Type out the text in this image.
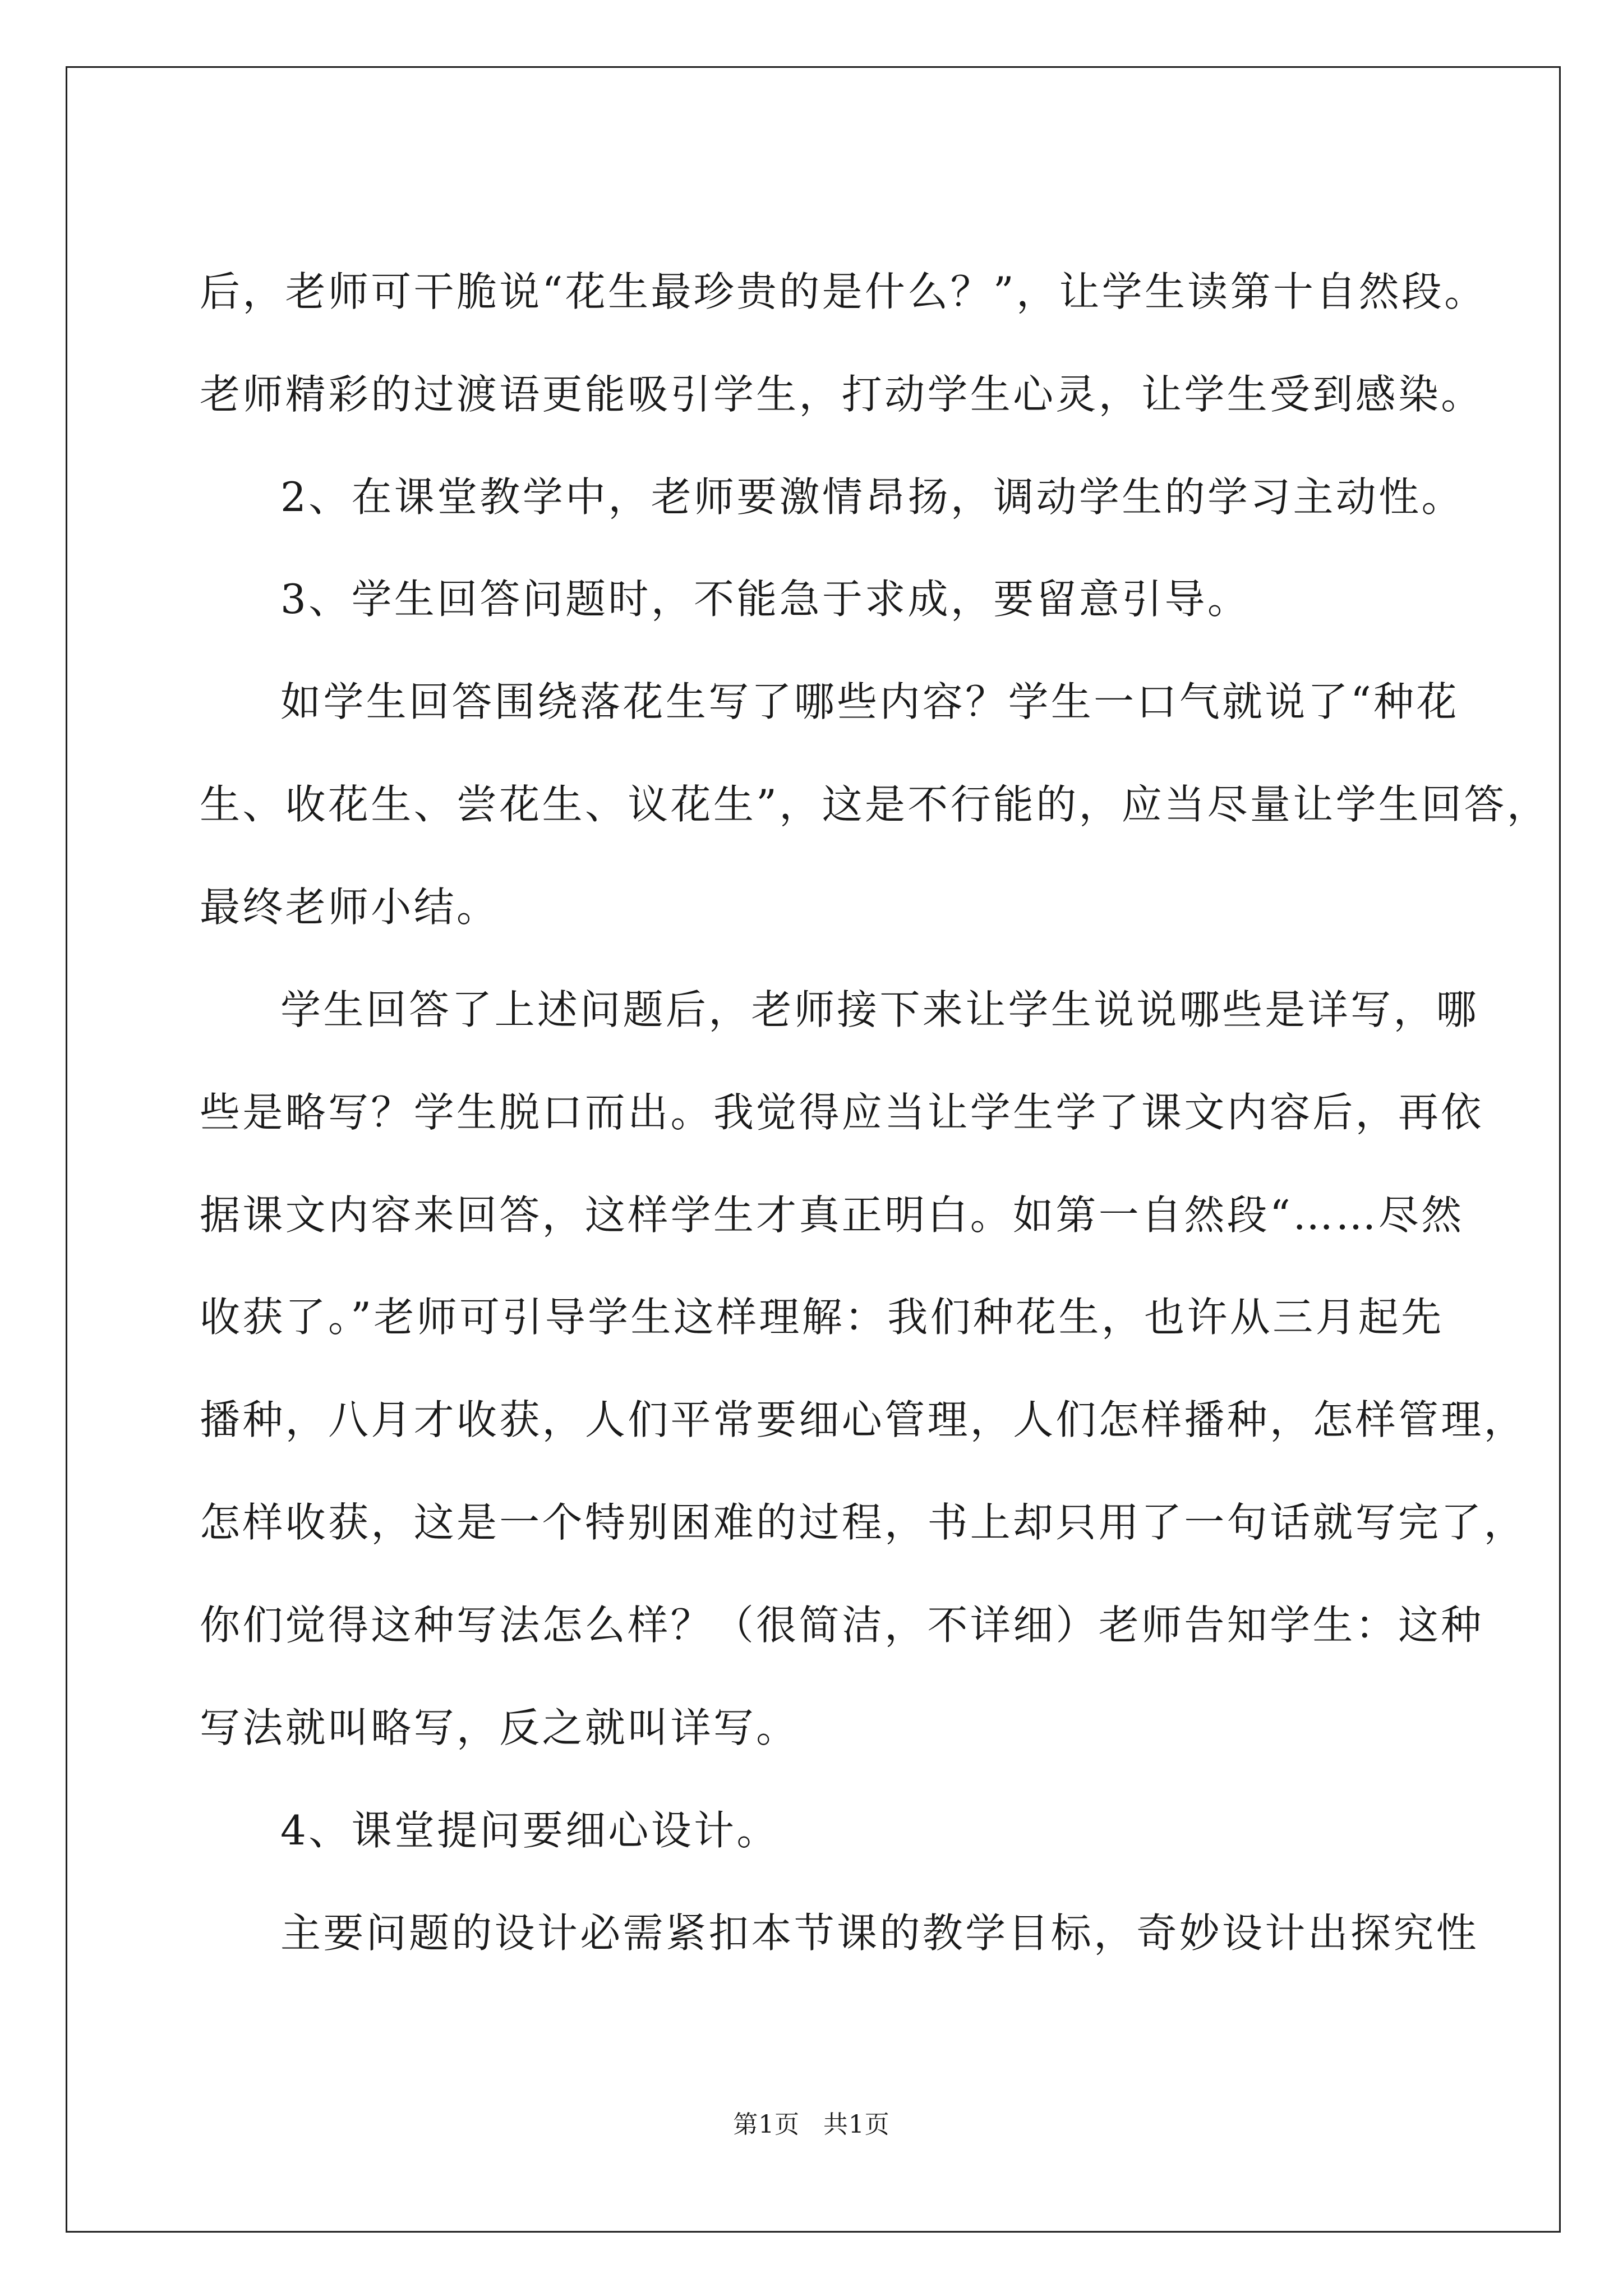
后，老师可干脆说“花生最珍贵的是什么？”，让学生读第十自然段。

老师精彩的过渡语更能吸引学生，打动学生心灵，让学生受到感染。

2、在课堂教学中，老师要激情昂扬，调动学生的学习主动性。

3、学生回答问题时，不能急于求成，要留意引导。

如学生回答围绕落花生写了哪些内容？学生一口气就说了“种花

生、收花生、尝花生、议花生”，这是不行能的，应当尽量让学生回答，

最终老师小结。

学生回答了上述问题后，老师接下来让学生说说哪些是详写，哪

些是略写？学生脱口而出。我觉得应当让学生学了课文内容后，再依

据课文内容来回答，这样学生才真正明白。如第一自然段“……尽然

收获了。”老师可引导学生这样理解：我们种花生，也许从三月起先

播种，八月才收获，人们平常要细心管理，人们怎样播种，怎样管理，

怎样收获，这是一个特别困难的过程，书上却只用了一句话就写完了，

你们觉得这种写法怎么样？（很简洁，不详细）老师告知学生：这种

写法就叫略写，反之就叫详写。

4、课堂提问要细心设计。

主要问题的设计必需紧扣本节课的教学目标，奇妙设计出探究性

第1页 共1页
